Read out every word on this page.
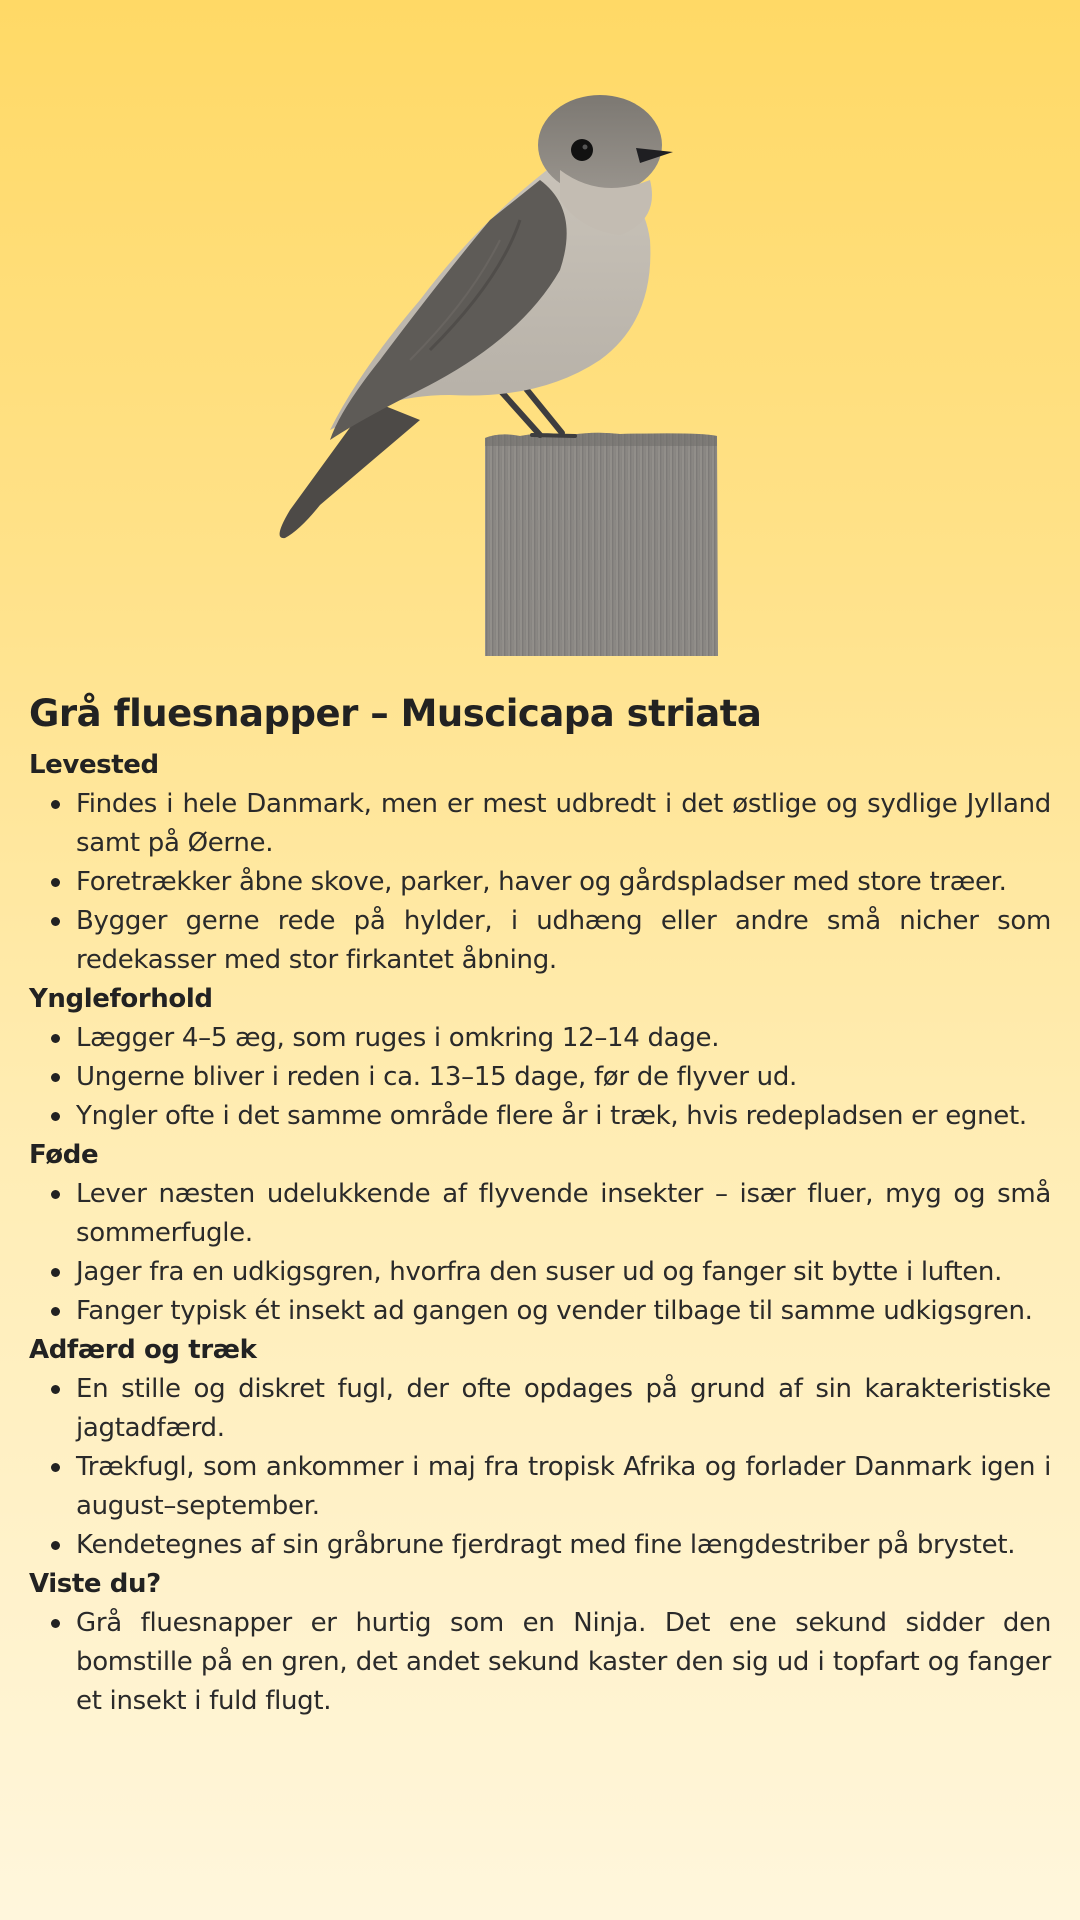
Grå fluesnapper – Muscicapa striata
Levested
Findes i hele Danmark, men er mest udbredt i det østlige og sydlige Jylland samt på Øerne.
Foretrækker åbne skove, parker, haver og gårdspladser med store træer.
Bygger gerne rede på hylder, i udhæng eller andre små nicher som redekasser med stor firkantet åbning.
Yngleforhold
Lægger 4–5 æg, som ruges i omkring 12–14 dage.
Ungerne bliver i reden i ca. 13–15 dage, før de flyver ud.
Yngler ofte i det samme område flere år i træk, hvis redepladsen er egnet.
Føde
Lever næsten udelukkende af flyvende insekter – især fluer, myg og små sommerfugle.
Jager fra en udkigsgren, hvorfra den suser ud og fanger sit bytte i luften.
Fanger typisk ét insekt ad gangen og vender tilbage til samme udkigsgren.
Adfærd og træk
En stille og diskret fugl, der ofte opdages på grund af sin karakteristiske jagtadfærd.
Trækfugl, som ankommer i maj fra tropisk Afrika og forlader Danmark igen i august–september.
Kendetegnes af sin gråbrune fjerdragt med fine længdestriber på brystet.
Viste du?
Grå fluesnapper er hurtig som en Ninja. Det ene sekund sidder den bomstille på en gren, det andet sekund kaster den sig ud i topfart og fanger et insekt i fuld flugt.
